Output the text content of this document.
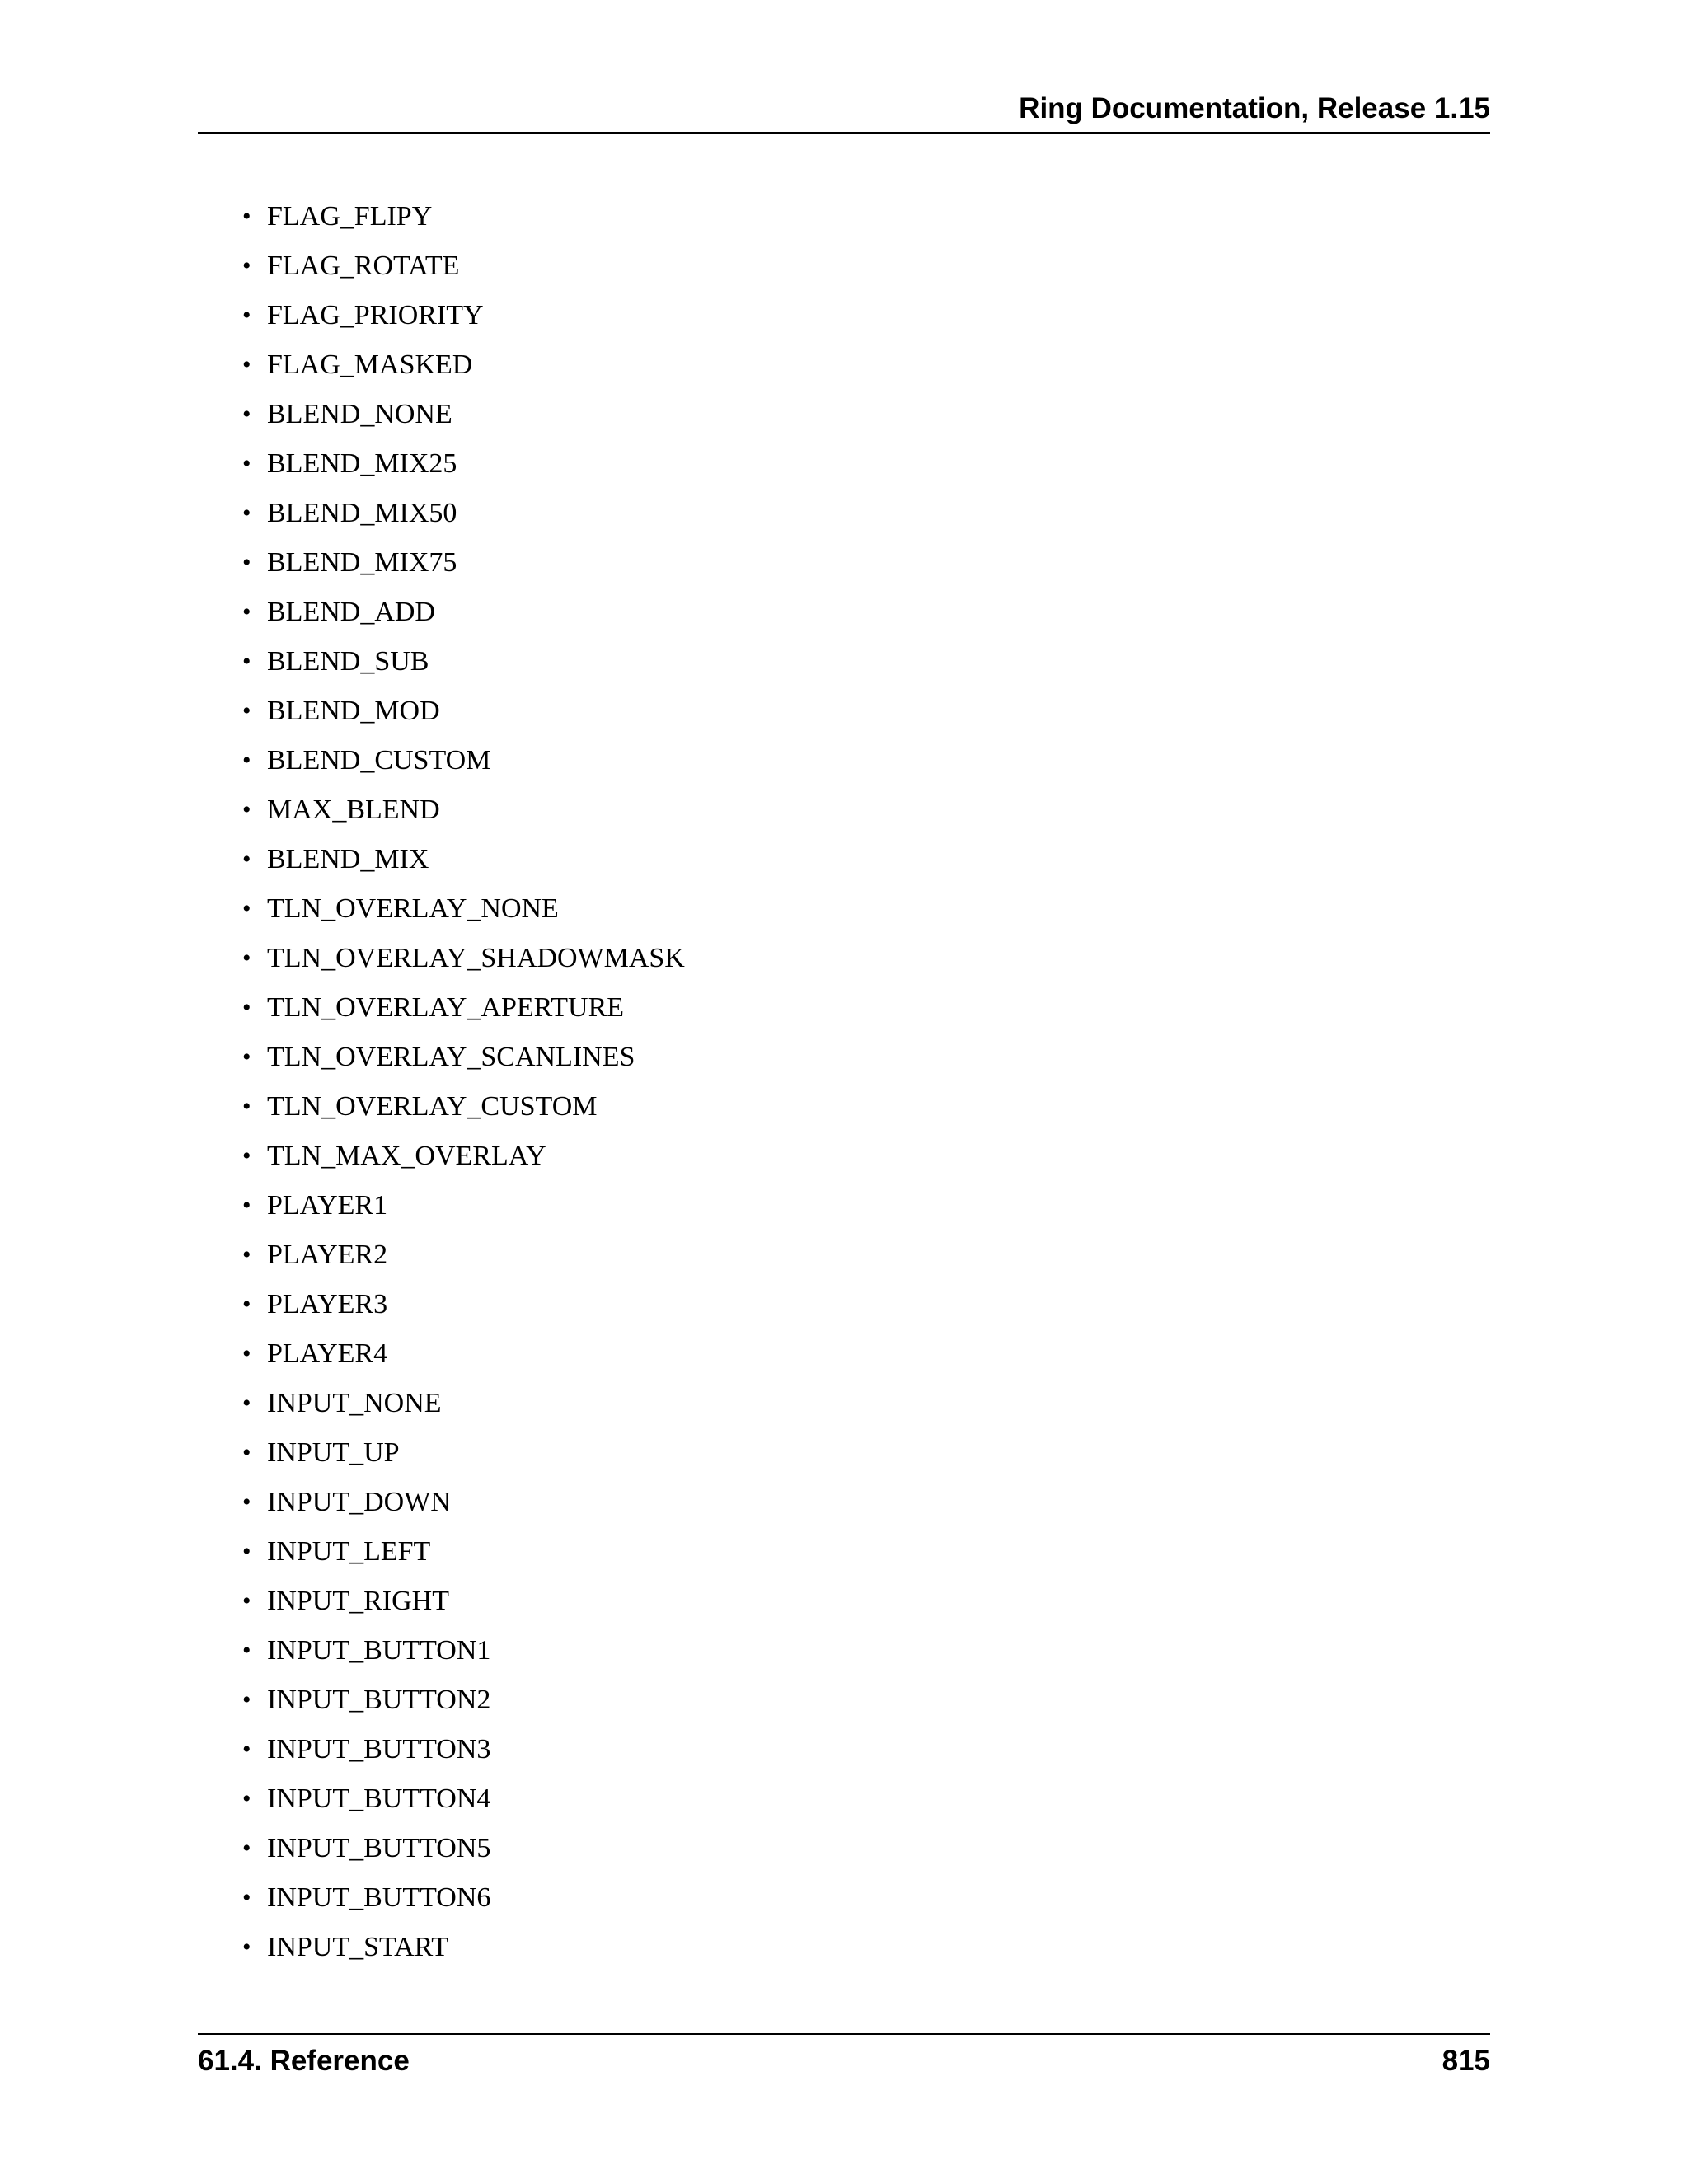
Ring Documentation, Release 1.15
• FLAG_FLIPY
• FLAG_ROTATE
• FLAG_PRIORITY
• FLAG_MASKED
• BLEND_NONE
• BLEND_MIX25
• BLEND_MIX50
• BLEND_MIX75
• BLEND_ADD
• BLEND_SUB
• BLEND_MOD
• BLEND_CUSTOM
• MAX_BLEND
• BLEND_MIX
• TLN_OVERLAY_NONE
• TLN_OVERLAY_SHADOWMASK
• TLN_OVERLAY_APERTURE
• TLN_OVERLAY_SCANLINES
• TLN_OVERLAY_CUSTOM
• TLN_MAX_OVERLAY
• PLAYER1
• PLAYER2
• PLAYER3
• PLAYER4
• INPUT_NONE
• INPUT_UP
• INPUT_DOWN
• INPUT_LEFT
• INPUT_RIGHT
• INPUT_BUTTON1
• INPUT_BUTTON2
• INPUT_BUTTON3
• INPUT_BUTTON4
• INPUT_BUTTON5
• INPUT_BUTTON6
• INPUT_START
61.4. Reference	815
